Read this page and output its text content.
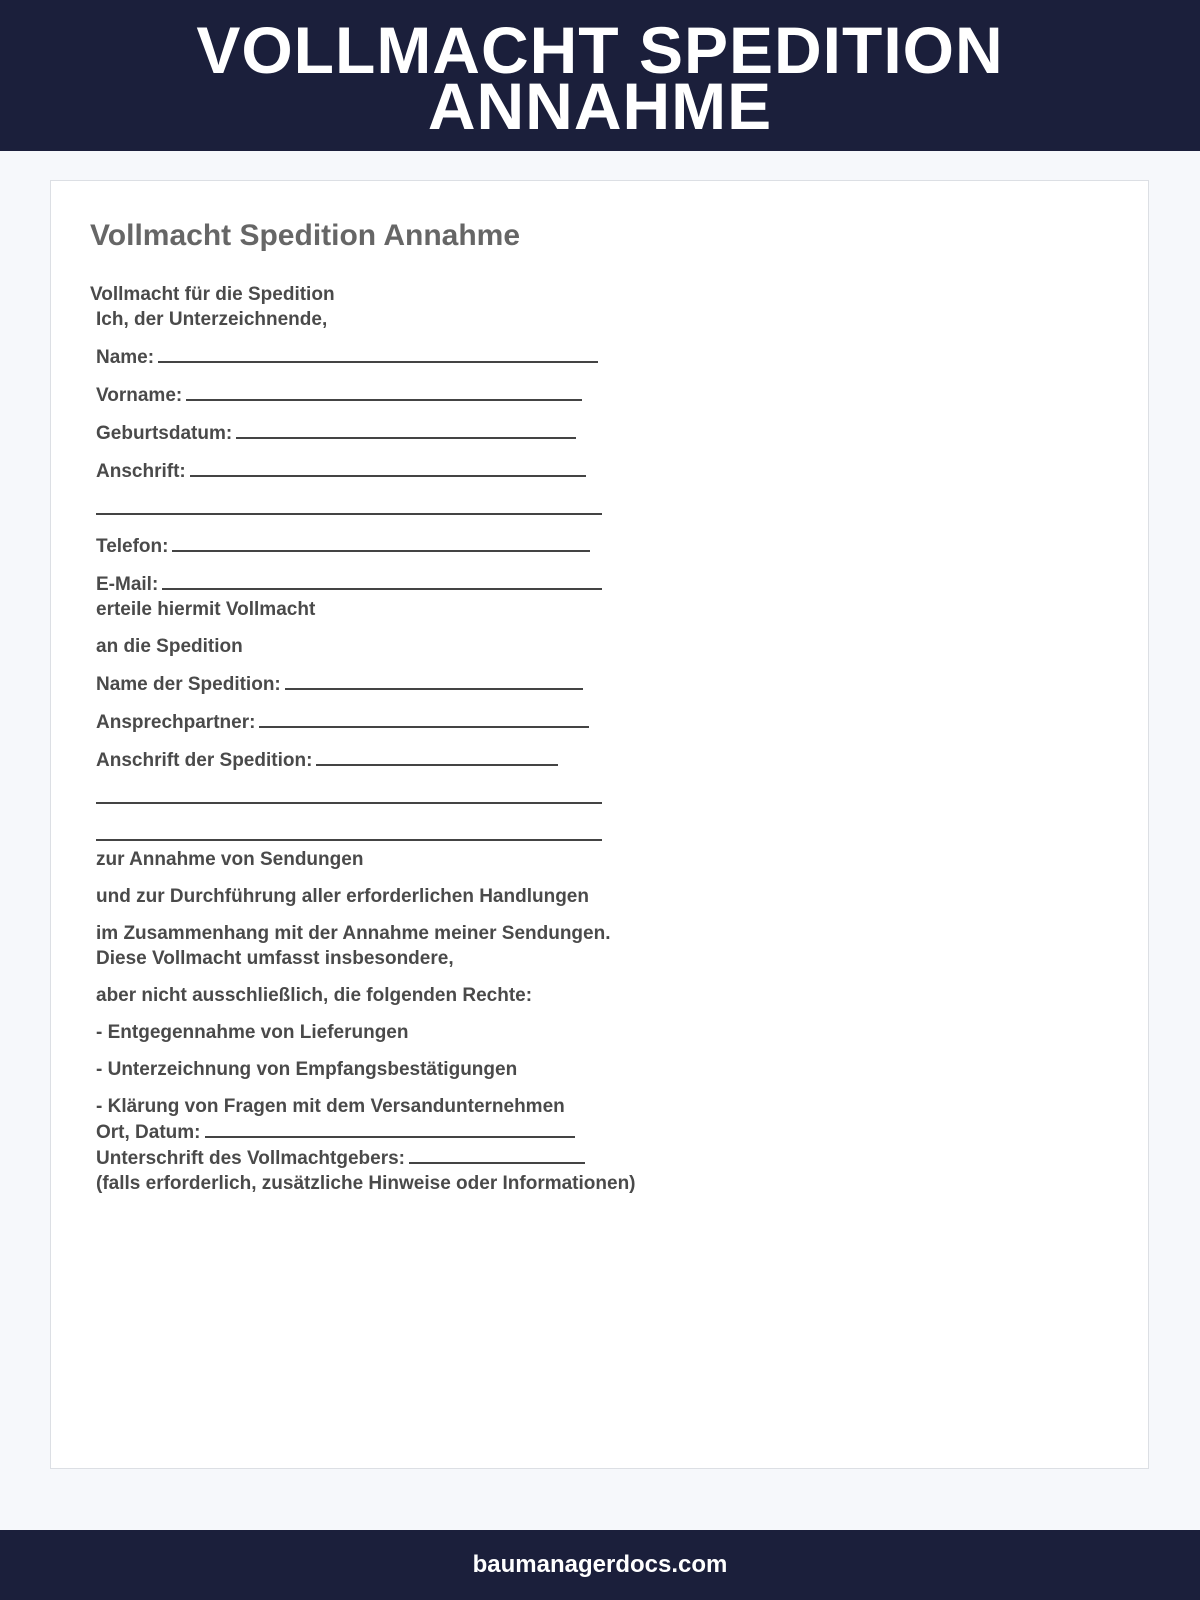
VOLLMACHT SPEDITION
ANNAHME
Vollmacht Spedition Annahme
Vollmacht für die Spedition
Ich, der Unterzeichnende,
Name:
Vorname:
Geburtsdatum:
Anschrift:
Telefon:
E-Mail:
erteile hiermit Vollmacht
an die Spedition
Name der Spedition:
Ansprechpartner:
Anschrift der Spedition:
zur Annahme von Sendungen
und zur Durchführung aller erforderlichen Handlungen
im Zusammenhang mit der Annahme meiner Sendungen.
Diese Vollmacht umfasst insbesondere,
aber nicht ausschließlich, die folgenden Rechte:
- Entgegennahme von Lieferungen
- Unterzeichnung von Empfangsbestätigungen
- Klärung von Fragen mit dem Versandunternehmen
Ort, Datum:
Unterschrift des Vollmachtgebers:
(falls erforderlich, zusätzliche Hinweise oder Informationen)
baumanagerdocs.com
